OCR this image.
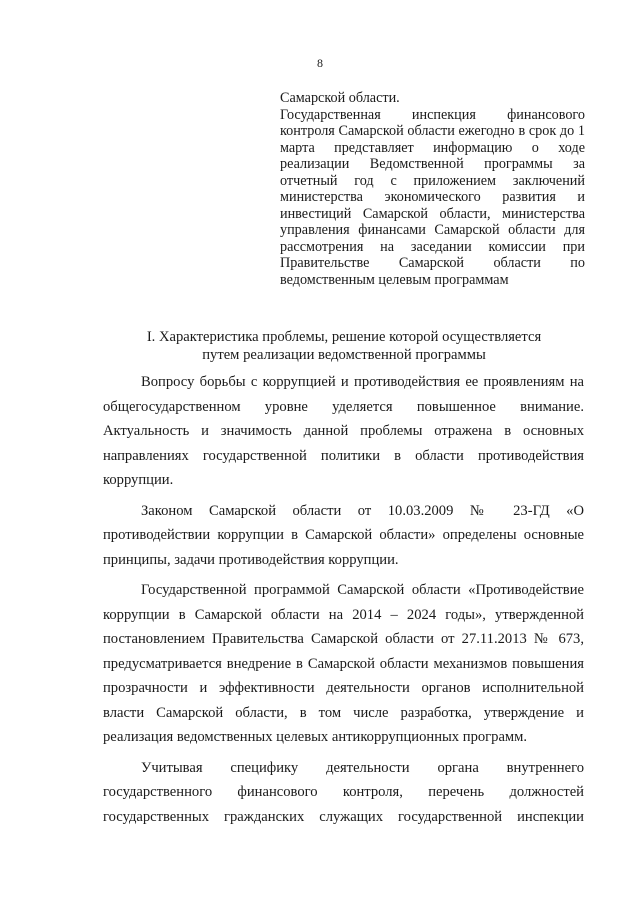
8

Самарской области.

Государственная инспекция финансового контроля Самарской области ежегодно в срок до 1 марта представляет информацию о ходе реализации Ведомственной программы за отчетный год с приложением заключений министерства экономического развития и инвестиций Самарской области, министерства управления финансами Самарской области для рассмотрения на заседании комиссии при Правительстве Самарской области по ведомственным целевым программам

I. Характеристика проблемы, решение которой осуществляется
путем реализации ведомственной программы

Вопросу борьбы с коррупцией и противодействия ее проявлениям на общегосударственном уровне уделяется повышенное внимание. Актуальность и значимость данной проблемы отражена в основных направлениях государственной политики в области противодействия коррупции.

Законом Самарской области от 10.03.2009 № 23-ГД «О противодействии коррупции в Самарской области» определены основные принципы, задачи противодействия коррупции.

Государственной программой Самарской области «Противодействие коррупции в Самарской области на 2014 – 2024 годы», утвержденной постановлением Правительства Самарской области от 27.11.2013 № 673, предусматривается внедрение в Самарской области механизмов повышения прозрачности и эффективности деятельности органов исполнительной власти Самарской области, в том числе разработка, утверждение и реализация ведомственных целевых антикоррупционных программ.

Учитывая специфику деятельности органа внутреннего государственного финансового контроля, перечень должностей государственных гражданских служащих государственной инспекции
